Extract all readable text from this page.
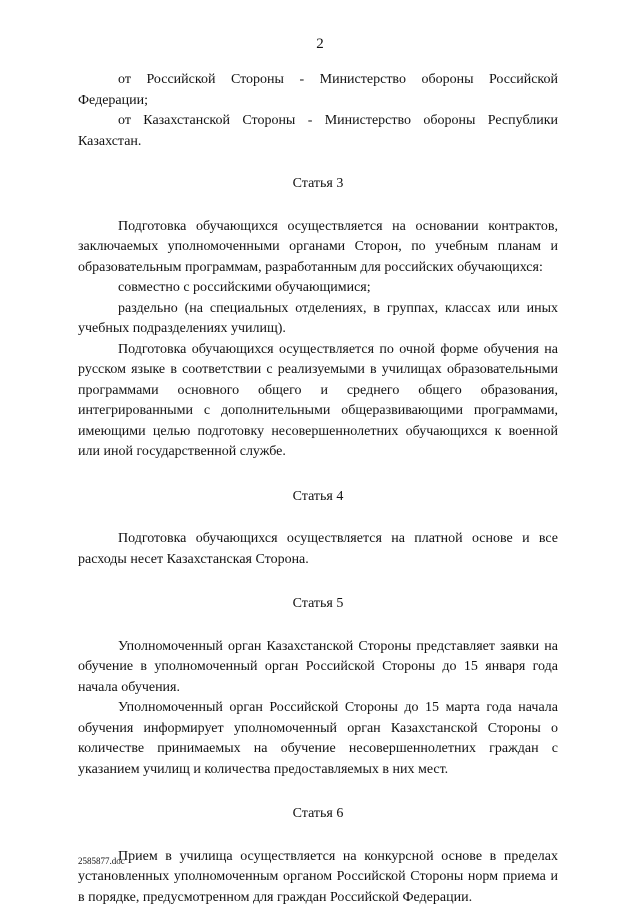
2

от Российской Стороны - Министерство обороны Российской Федерации;

от Казахстанской Стороны - Министерство обороны Республики Казахстан.

Статья 3

Подготовка обучающихся осуществляется на основании контрактов, заключаемых уполномоченными органами Сторон, по учебным планам и образовательным программам, разработанным для российских обучающихся:

совместно с российскими обучающимися;

раздельно (на специальных отделениях, в группах, классах или иных учебных подразделениях училищ).

Подготовка обучающихся осуществляется по очной форме обучения на русском языке в соответствии с реализуемыми в училищах образовательными программами основного общего и среднего общего образования, интегрированными с дополнительными общеразвивающими программами, имеющими целью подготовку несовершеннолетних обучающихся к военной или иной государственной службе.

Статья 4

Подготовка обучающихся осуществляется на платной основе и все расходы несет Казахстанская Сторона.

Статья 5

Уполномоченный орган Казахстанской Стороны представляет заявки на обучение в уполномоченный орган Российской Стороны до 15 января года начала обучения.

Уполномоченный орган Российской Стороны до 15 марта года начала обучения информирует уполномоченный орган Казахстанской Стороны о количестве принимаемых на обучение несовершеннолетних граждан с указанием училищ и количества предоставляемых в них мест.

Статья 6

Прием в училища осуществляется на конкурсной основе в пределах установленных уполномоченным органом Российской Стороны норм приема и в порядке, предусмотренном для граждан Российской Федерации.

2585877.doc
